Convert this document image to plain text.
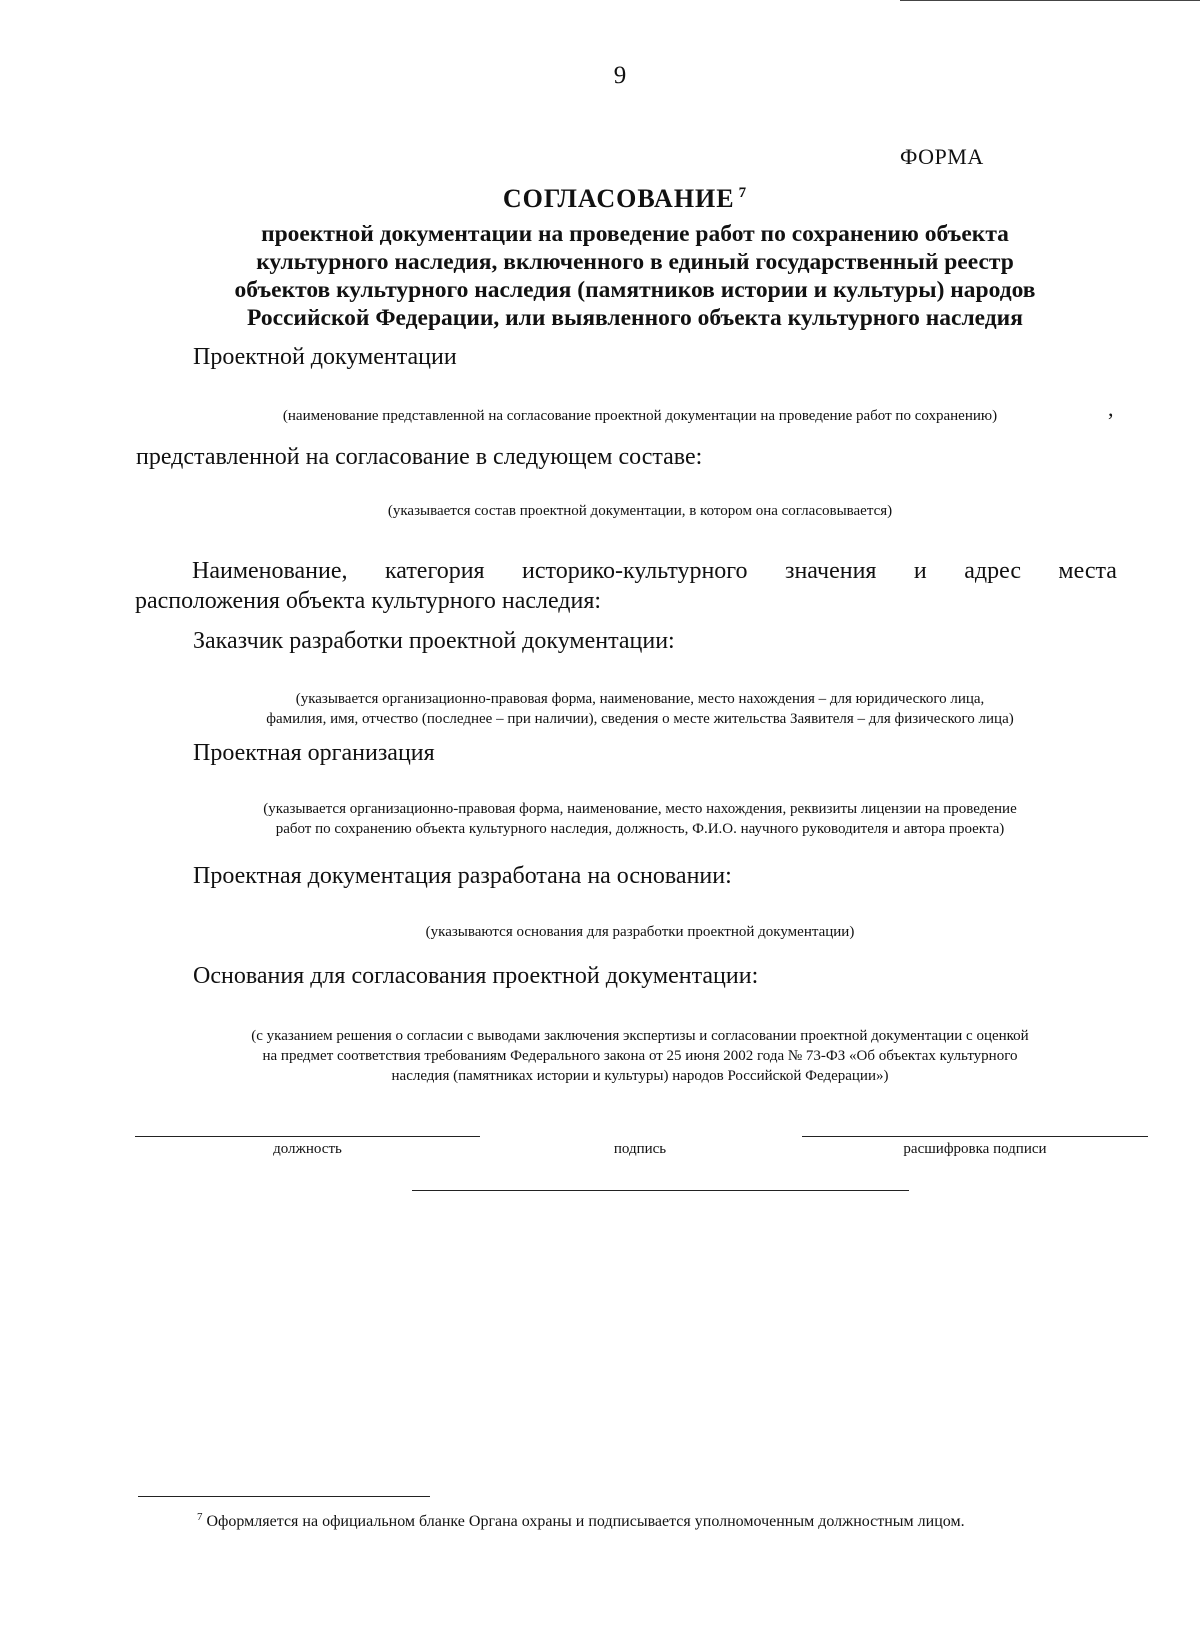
9
ФОРМА
СОГЛАСОВАНИЕ $^7$
проектной документации на проведение работ по сохранению объекта
культурного наследия, включенного в единый государственный реестр
объектов культурного наследия (памятников истории и культуры) народов
Российской Федерации, или выявленного объекта культурного наследия
Проектной документации
,
(наименование представленной на согласование проектной документации на проведение работ по сохранению)
представленной на согласование в следующем составе:
(указывается состав проектной документации, в котором она согласовывается)
Наименование, категория историко-культурного значения и адрес места
расположения объекта культурного наследия:
Заказчик разработки проектной документации:
(указывается организационно-правовая форма, наименование, место нахождения – для юридического лица,
фамилия, имя, отчество (последнее – при наличии), сведения о месте жительства Заявителя – для физического лица)
Проектная организация
(указывается организационно-правовая форма, наименование, место нахождения, реквизиты лицензии на проведение
работ по сохранению объекта культурного наследия, должность, Ф.И.О. научного руководителя и автора проекта)
Проектная документация разработана на основании:
(указываются основания для разработки проектной документации)
Основания для согласования проектной документации:
(с указанием решения о согласии с выводами заключения экспертизы и согласовании проектной документации с оценкой
на предмет соответствия требованиям Федерального закона от 25 июня 2002 года № 73-ФЗ «Об объектах культурного
наследия (памятниках истории и культуры) народов Российской Федерации»)
должность	подпись	расшифровка подписи
$^7$ Оформляется на официальном бланке Органа охраны и подписывается уполномоченным должностным лицом.
